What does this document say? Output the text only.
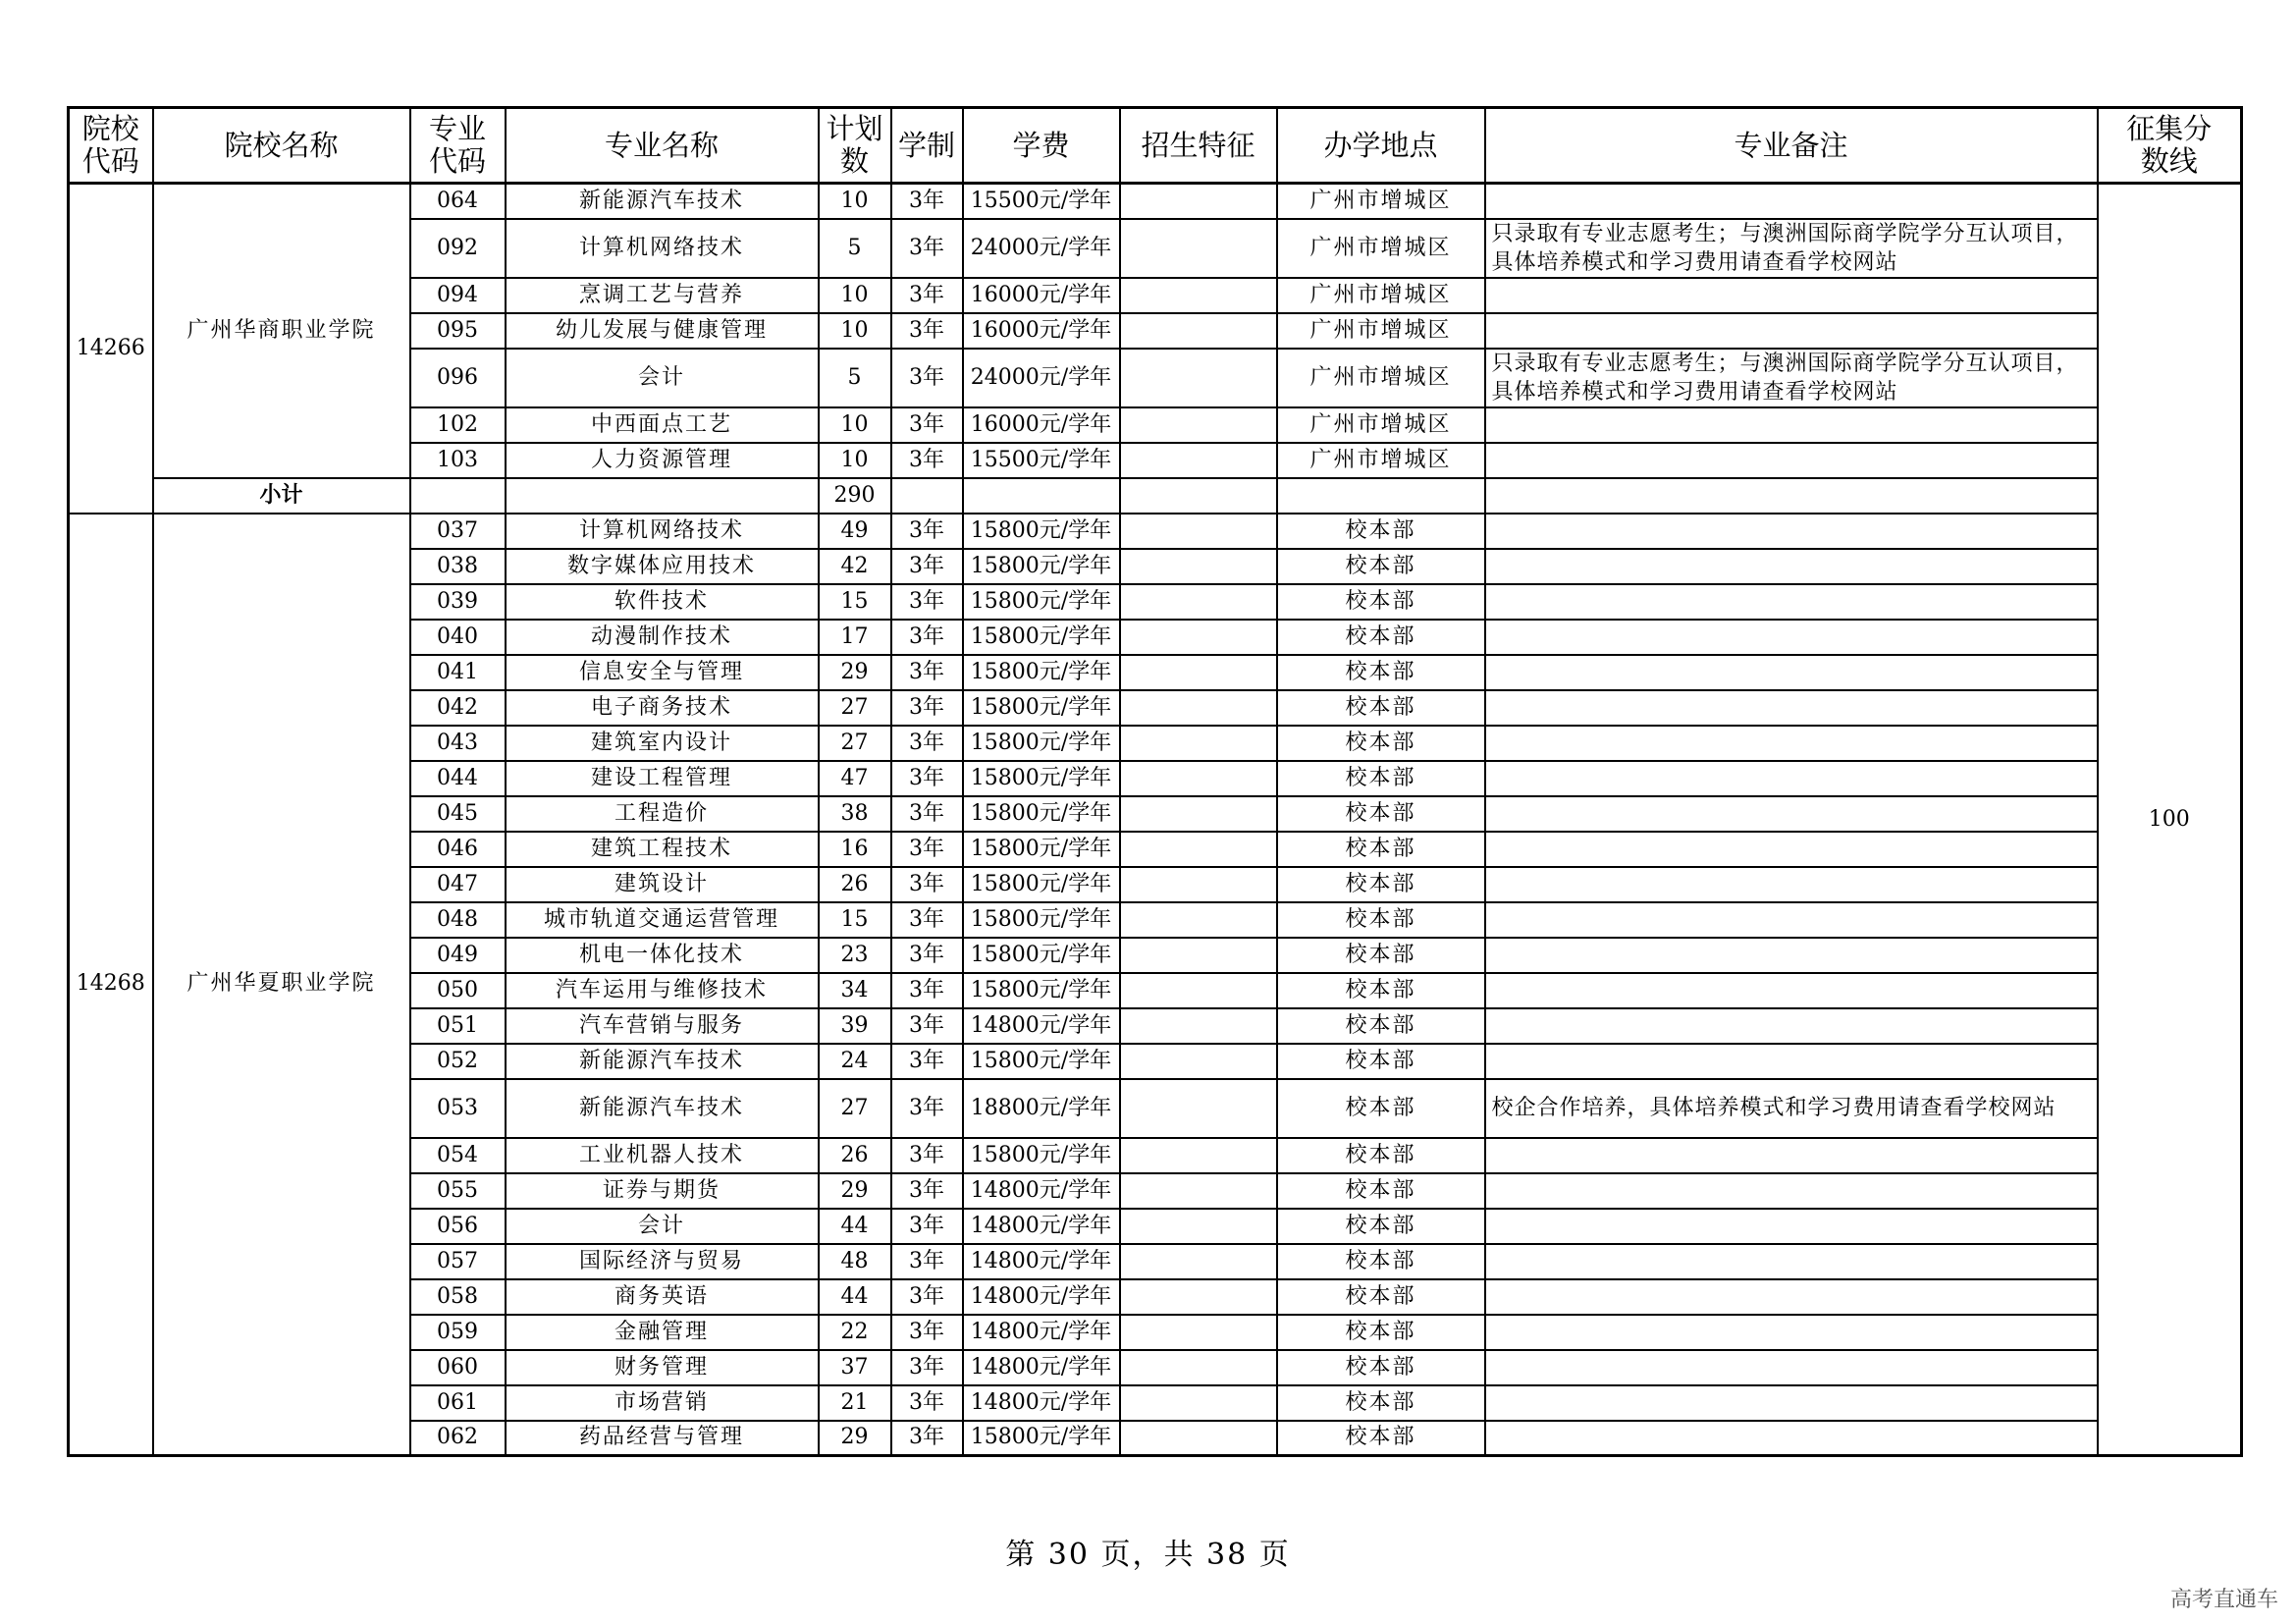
院校代码	院校名称	专业代码	专业名称	计划数	学制	学费	招生特征	办学地点	专业备注	征集分数线
14266	广州华商职业学院	064	新能源汽车技术	10	3年	15500元/学年		广州市增城区		100
		092	计算机网络技术	5	3年	24000元/学年		广州市增城区	只录取有专业志愿考生；与澳洲国际商学院学分互认项目，具体培养模式和学习费用请查看学校网站	
		094	烹调工艺与营养	10	3年	16000元/学年		广州市增城区		
		095	幼儿发展与健康管理	10	3年	16000元/学年		广州市增城区		
		096	会计	5	3年	24000元/学年		广州市增城区	只录取有专业志愿考生；与澳洲国际商学院学分互认项目，具体培养模式和学习费用请查看学校网站	
		102	中西面点工艺	10	3年	16000元/学年		广州市增城区		
		103	人力资源管理	10	3年	15500元/学年		广州市增城区		
	小计			290						
14268	广州华夏职业学院	037	计算机网络技术	49	3年	15800元/学年		校本部		
		038	数字媒体应用技术	42	3年	15800元/学年		校本部		
		039	软件技术	15	3年	15800元/学年		校本部		
		040	动漫制作技术	17	3年	15800元/学年		校本部		
		041	信息安全与管理	29	3年	15800元/学年		校本部		
		042	电子商务技术	27	3年	15800元/学年		校本部		
		043	建筑室内设计	27	3年	15800元/学年		校本部		
		044	建设工程管理	47	3年	15800元/学年		校本部		
		045	工程造价	38	3年	15800元/学年		校本部		
		046	建筑工程技术	16	3年	15800元/学年		校本部		
		047	建筑设计	26	3年	15800元/学年		校本部		
		048	城市轨道交通运营管理	15	3年	15800元/学年		校本部		
		049	机电一体化技术	23	3年	15800元/学年		校本部		
		050	汽车运用与维修技术	34	3年	15800元/学年		校本部		
		051	汽车营销与服务	39	3年	14800元/学年		校本部		
		052	新能源汽车技术	24	3年	15800元/学年		校本部		
		053	新能源汽车技术	27	3年	18800元/学年		校本部	校企合作培养，具体培养模式和学习费用请查看学校网站	
		054	工业机器人技术	26	3年	15800元/学年		校本部		
		055	证券与期货	29	3年	14800元/学年		校本部		
		056	会计	44	3年	14800元/学年		校本部		
		057	国际经济与贸易	48	3年	14800元/学年		校本部		
		058	商务英语	44	3年	14800元/学年		校本部		
		059	金融管理	22	3年	14800元/学年		校本部		
		060	财务管理	37	3年	14800元/学年		校本部		
		061	市场营销	21	3年	14800元/学年		校本部		
		062	药品经营与管理	29	3年	15800元/学年		校本部		
第 30 页，共 38 页
高考直通车
